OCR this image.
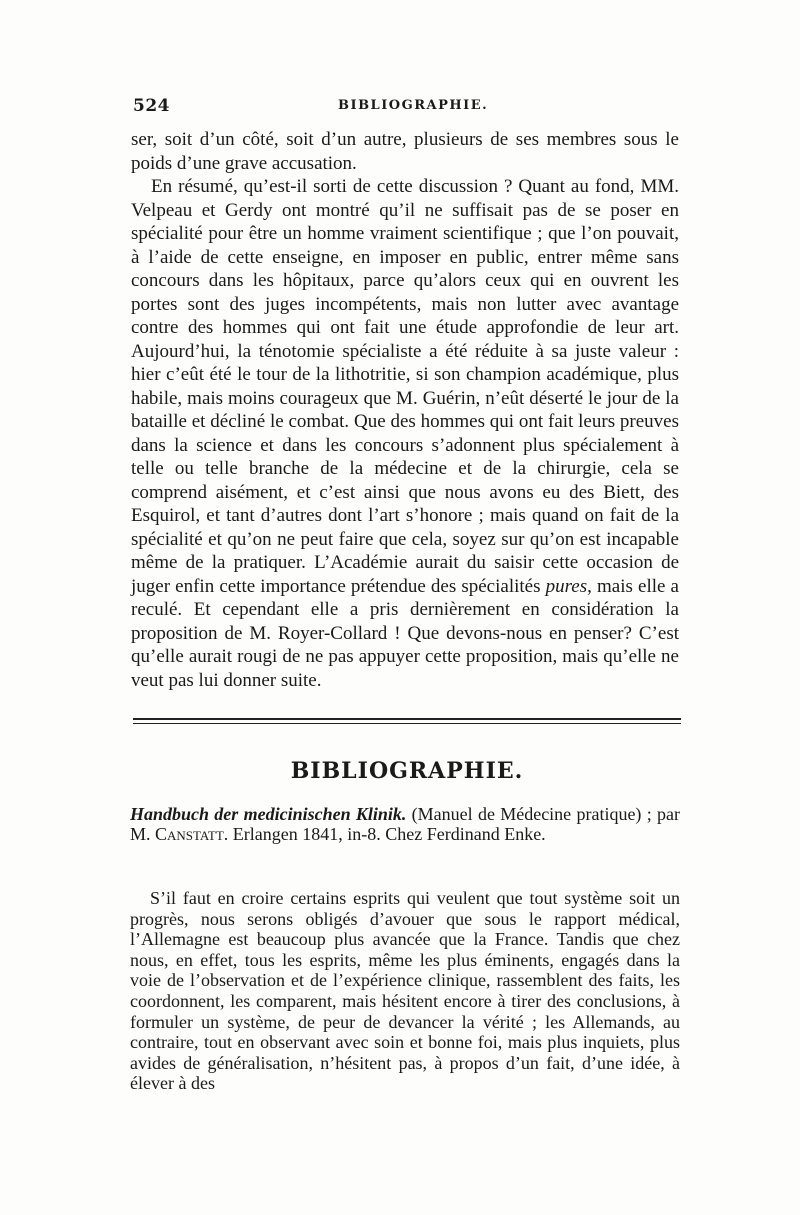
524	BIBLIOGRAPHIE.

ser, soit d’un côté, soit d’un autre, plusieurs de ses membres sous le poids d’une grave accusation.

En résumé, qu’est-il sorti de cette discussion ? Quant au fond, MM. Velpeau et Gerdy ont montré qu’il ne suffisait pas de se poser en spécialité pour être un homme vraiment scientifique ; que l’on pouvait, à l’aide de cette enseigne, en imposer en public, entrer même sans concours dans les hôpitaux, parce qu’alors ceux qui en ouvrent les portes sont des juges incompétents, mais non lutter avec avantage contre des hommes qui ont fait une étude approfondie de leur art. Aujourd’hui, la ténotomie spécialiste a été réduite à sa juste valeur : hier c’eût été le tour de la lithotritie, si son champion académique, plus habile, mais moins courageux que M. Guérin, n’eût déserté le jour de la bataille et décliné le combat. Que des hommes qui ont fait leurs preuves dans la science et dans les concours s’adonnent plus spécialement à telle ou telle branche de la médecine et de la chirurgie, cela se comprend aisément, et c’est ainsi que nous avons eu des Biett, des Esquirol, et tant d’autres dont l’art s’honore ; mais quand on fait de la spécialité et qu’on ne peut faire que cela, soyez sur qu’on est incapable même de la pratiquer. L’Académie aurait du saisir cette occasion de juger enfin cette importance prétendue des spécialités pures, mais elle a reculé. Et cependant elle a pris dernièrement en considération la proposition de M. Royer-Collard ! Que devons-nous en penser? C’est qu’elle aurait rougi de ne pas appuyer cette proposition, mais qu’elle ne veut pas lui donner suite.

BIBLIOGRAPHIE.
Handbuch der medicinischen Klinik. (Manuel de Médecine pratique) ; par M. Canstatt. Erlangen 1841, in-8. Chez Ferdinand Enke.

S’il faut en croire certains esprits qui veulent que tout système soit un progrès, nous serons obligés d’avouer que sous le rapport médical, l’Allemagne est beaucoup plus avancée que la France. Tandis que chez nous, en effet, tous les esprits, même les plus éminents, engagés dans la voie de l’observation et de l’expérience clinique, rassemblent des faits, les coordonnent, les comparent, mais hésitent encore à tirer des conclusions, à formuler un système, de peur de devancer la vérité ; les Allemands, au contraire, tout en observant avec soin et bonne foi, mais plus inquiets, plus avides de généralisation, n’hésitent pas, à propos d’un fait, d’une idée, à élever à des
